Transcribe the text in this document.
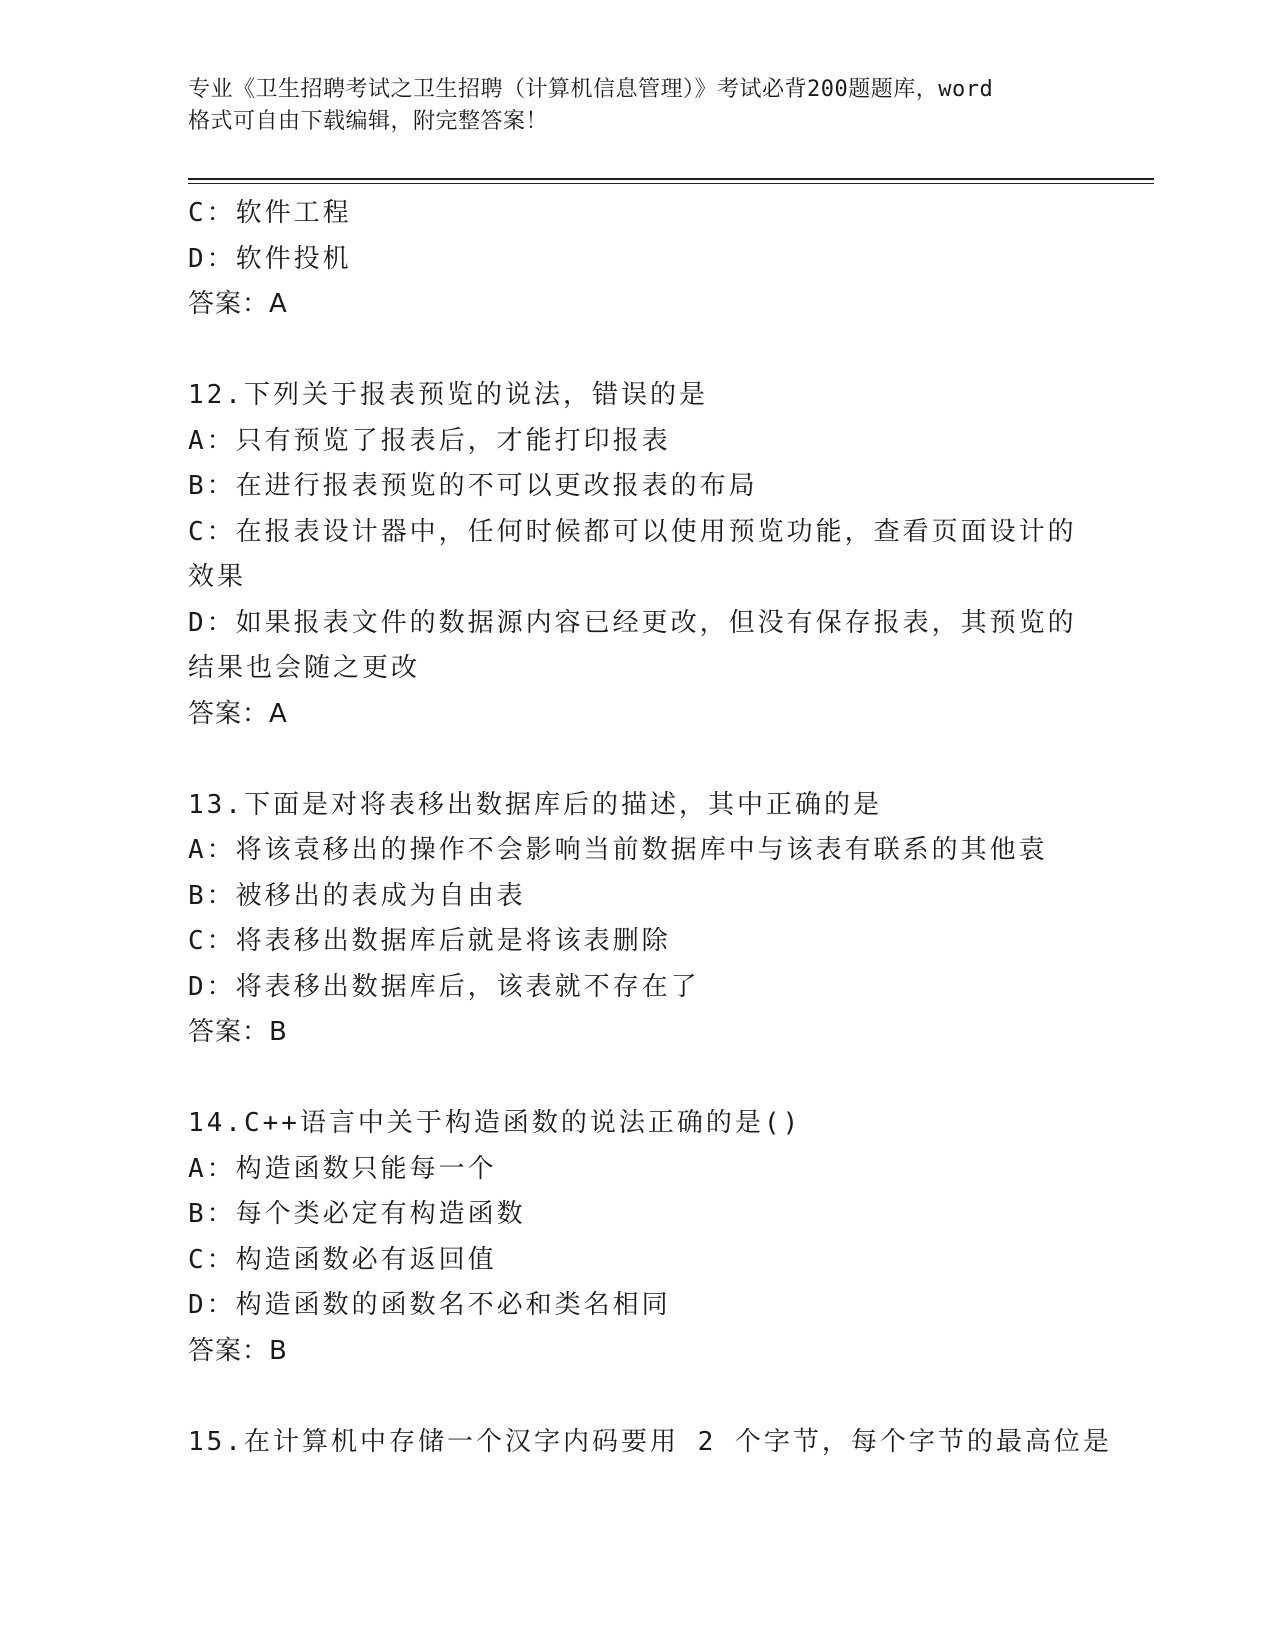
专业《卫生招聘考试之卫生招聘（计算机信息管理）》考试必背200题题库，word
格式可自由下载编辑，附完整答案！
C：软件工程
D：软件投机
答案：A
12.下列关于报表预览的说法，错误的是
A：只有预览了报表后，才能打印报表
B：在进行报表预览的不可以更改报表的布局
C：在报表设计器中，任何时候都可以使用预览功能，查看页面设计的
效果
D：如果报表文件的数据源内容已经更改，但没有保存报表，其预览的
结果也会随之更改
答案：A
13.下面是对将表移出数据库后的描述，其中正确的是
A：将该袁移出的操作不会影响当前数据库中与该表有联系的其他袁
B：被移出的表成为自由表
C：将表移出数据库后就是将该表删除
D：将表移出数据库后，该表就不存在了
答案：B
14.C++语言中关于构造函数的说法正确的是()
A：构造函数只能每一个
B：每个类必定有构造函数
C：构造函数必有返回值
D：构造函数的函数名不必和类名相同
答案：B
15.在计算机中存储一个汉字内码要用 2 个字节，每个字节的最高位是
